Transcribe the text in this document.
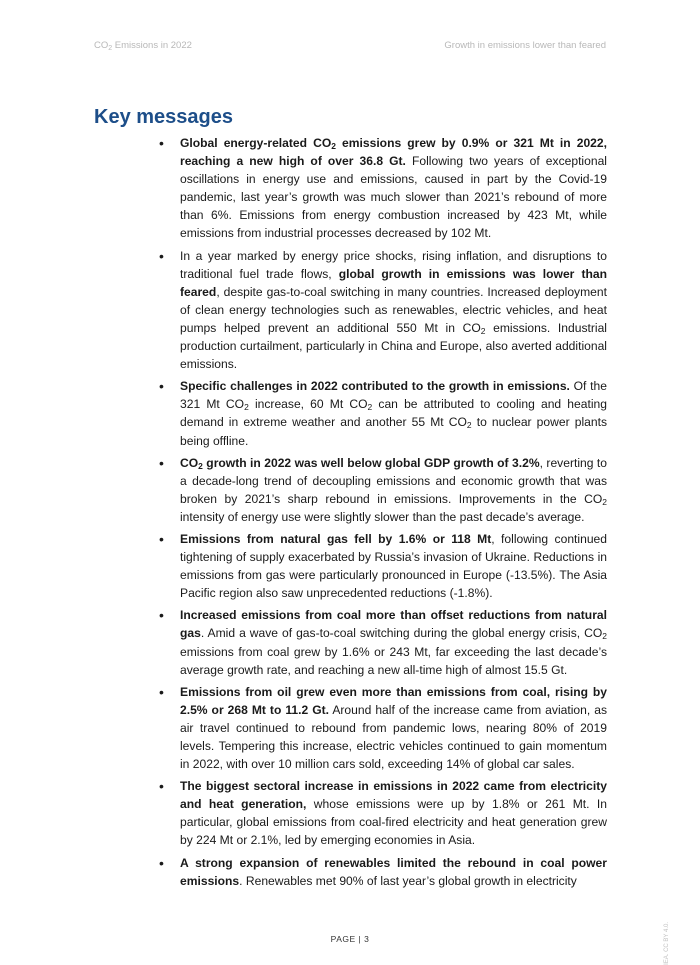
$CO_2$ Emissions in 2022	Growth in emissions lower than feared
Key messages
• Global energy-related $CO_2$ emissions grew by 0.9% or 321 Mt in 2022, reaching a new high of over 36.8 Gt. Following two years of exceptional oscillations in energy use and emissions, caused in part by the Covid-19 pandemic, last year’s growth was much slower than 2021’s rebound of more than 6%. Emissions from energy combustion increased by 423 Mt, while emissions from industrial processes decreased by 102 Mt.
• In a year marked by energy price shocks, rising inflation, and disruptions to traditional fuel trade flows, global growth in emissions was lower than feared, despite gas-to-coal switching in many countries. Increased deployment of clean energy technologies such as renewables, electric vehicles, and heat pumps helped prevent an additional 550 Mt in $CO_2$ emissions. Industrial production curtailment, particularly in China and Europe, also averted additional emissions.
• Specific challenges in 2022 contributed to the growth in emissions. Of the 321 Mt $CO_2$ increase, 60 Mt $CO_2$ can be attributed to cooling and heating demand in extreme weather and another 55 Mt $CO_2$ to nuclear power plants being offline.
• $CO_2$ growth in 2022 was well below global GDP growth of 3.2%, reverting to a decade-long trend of decoupling emissions and economic growth that was broken by 2021’s sharp rebound in emissions. Improvements in the $CO_2$ intensity of energy use were slightly slower than the past decade’s average.
• Emissions from natural gas fell by 1.6% or 118 Mt, following continued tightening of supply exacerbated by Russia’s invasion of Ukraine. Reductions in emissions from gas were particularly pronounced in Europe (-13.5%). The Asia Pacific region also saw unprecedented reductions (-1.8%).
• Increased emissions from coal more than offset reductions from natural gas. Amid a wave of gas-to-coal switching during the global energy crisis, $CO_2$ emissions from coal grew by 1.6% or 243 Mt, far exceeding the last decade’s average growth rate, and reaching a new all-time high of almost 15.5 Gt.
• Emissions from oil grew even more than emissions from coal, rising by 2.5% or 268 Mt to 11.2 Gt. Around half of the increase came from aviation, as air travel continued to rebound from pandemic lows, nearing 80% of 2019 levels. Tempering this increase, electric vehicles continued to gain momentum in 2022, with over 10 million cars sold, exceeding 14% of global car sales.
• The biggest sectoral increase in emissions in 2022 came from electricity and heat generation, whose emissions were up by 1.8% or 261 Mt. In particular, global emissions from coal-fired electricity and heat generation grew by 224 Mt or 2.1%, led by emerging economies in Asia.
• A strong expansion of renewables limited the rebound in coal power emissions. Renewables met 90% of last year’s global growth in electricity
PAGE | 3	IEA. CC BY 4.0.
